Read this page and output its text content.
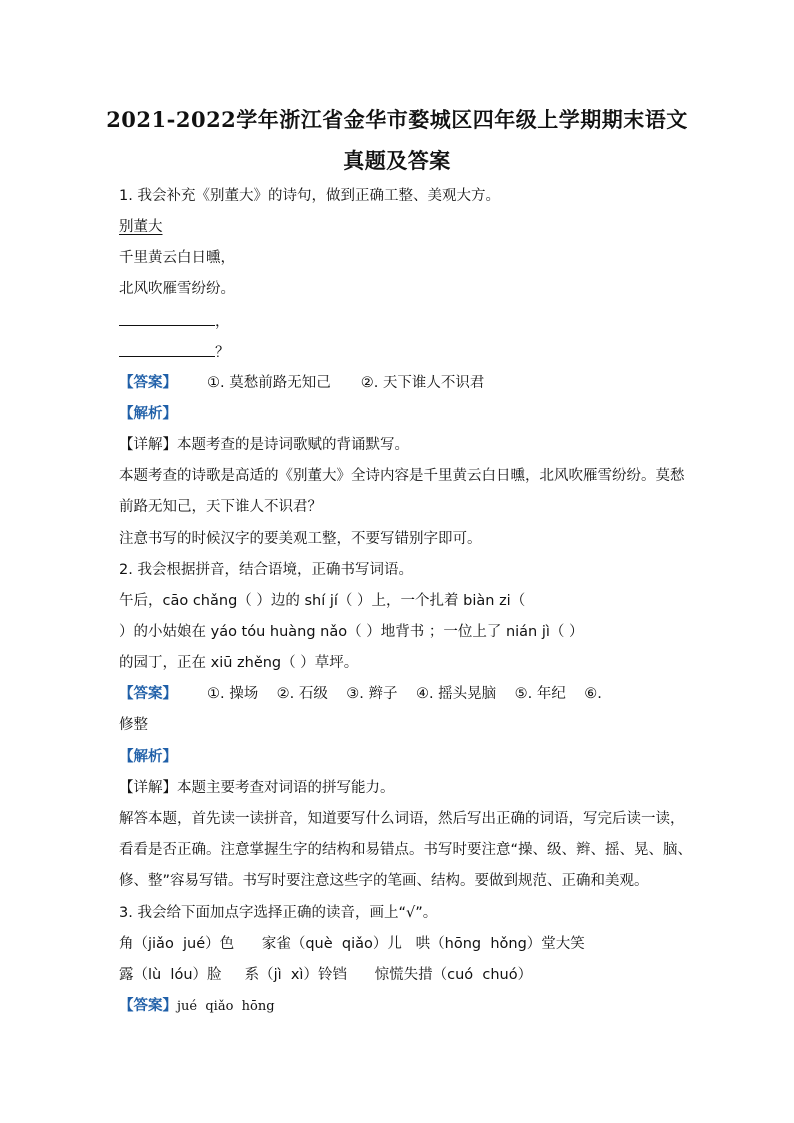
2021-2022学年浙江省金华市婺城区四年级上学期期末语文
真题及答案
1. 我会补充《别董大》的诗句，做到正确工整、美观大方。
别董大
千里黄云白日曛，
北风吹雁雪纷纷。
，
？
【答案】 ①. 莫愁前路无知己 ②. 天下谁人不识君
【解析】
【详解】本题考查的是诗词歌赋的背诵默写。
本题考查的诗歌是高适的《别董大》全诗内容是千里黄云白日曛，北风吹雁雪纷纷。莫愁
前路无知己，天下谁人不识君？
注意书写的时候汉字的要美观工整，不要写错别字即可。
2. 我会根据拼音，结合语境，正确书写词语。
午后，cāo chǎng（ ）边的 shí jí（ ）上，一个扎着 biàn zi（
）的小姑娘在 yáo tóu huàng nǎo（ ）地背书 ；一位上了 nián jì（ ）
的园丁，正在 xiū zhěng（ ）草坪。
【答案】 ①. 操场    ②. 石级    ③. 辫子    ④. 摇头晃脑    ⑤. 年纪    ⑥.
修整
【解析】
【详解】本题主要考查对词语的拼写能力。
解答本题，首先读一读拼音，知道要写什么词语，然后写出正确的词语，写完后读一读，
看看是否正确。注意掌握生字的结构和易错点。书写时要注意“操、级、辫、摇、晃、脑、
修、整”容易写错。书写时要注意这些字的笔画、结构。要做到规范、正确和美观。
3. 我会给下面加点字选择正确的读音，画上“√”。
角（jiǎo  jué）色      家雀（què  qiǎo）儿   哄（hōng  hǒng）堂大笑
露（lù  lóu）脸     系（jì  xì）铃铛      惊慌失措（cuó  chuó）
【答案】jué  qiǎo  hōng
